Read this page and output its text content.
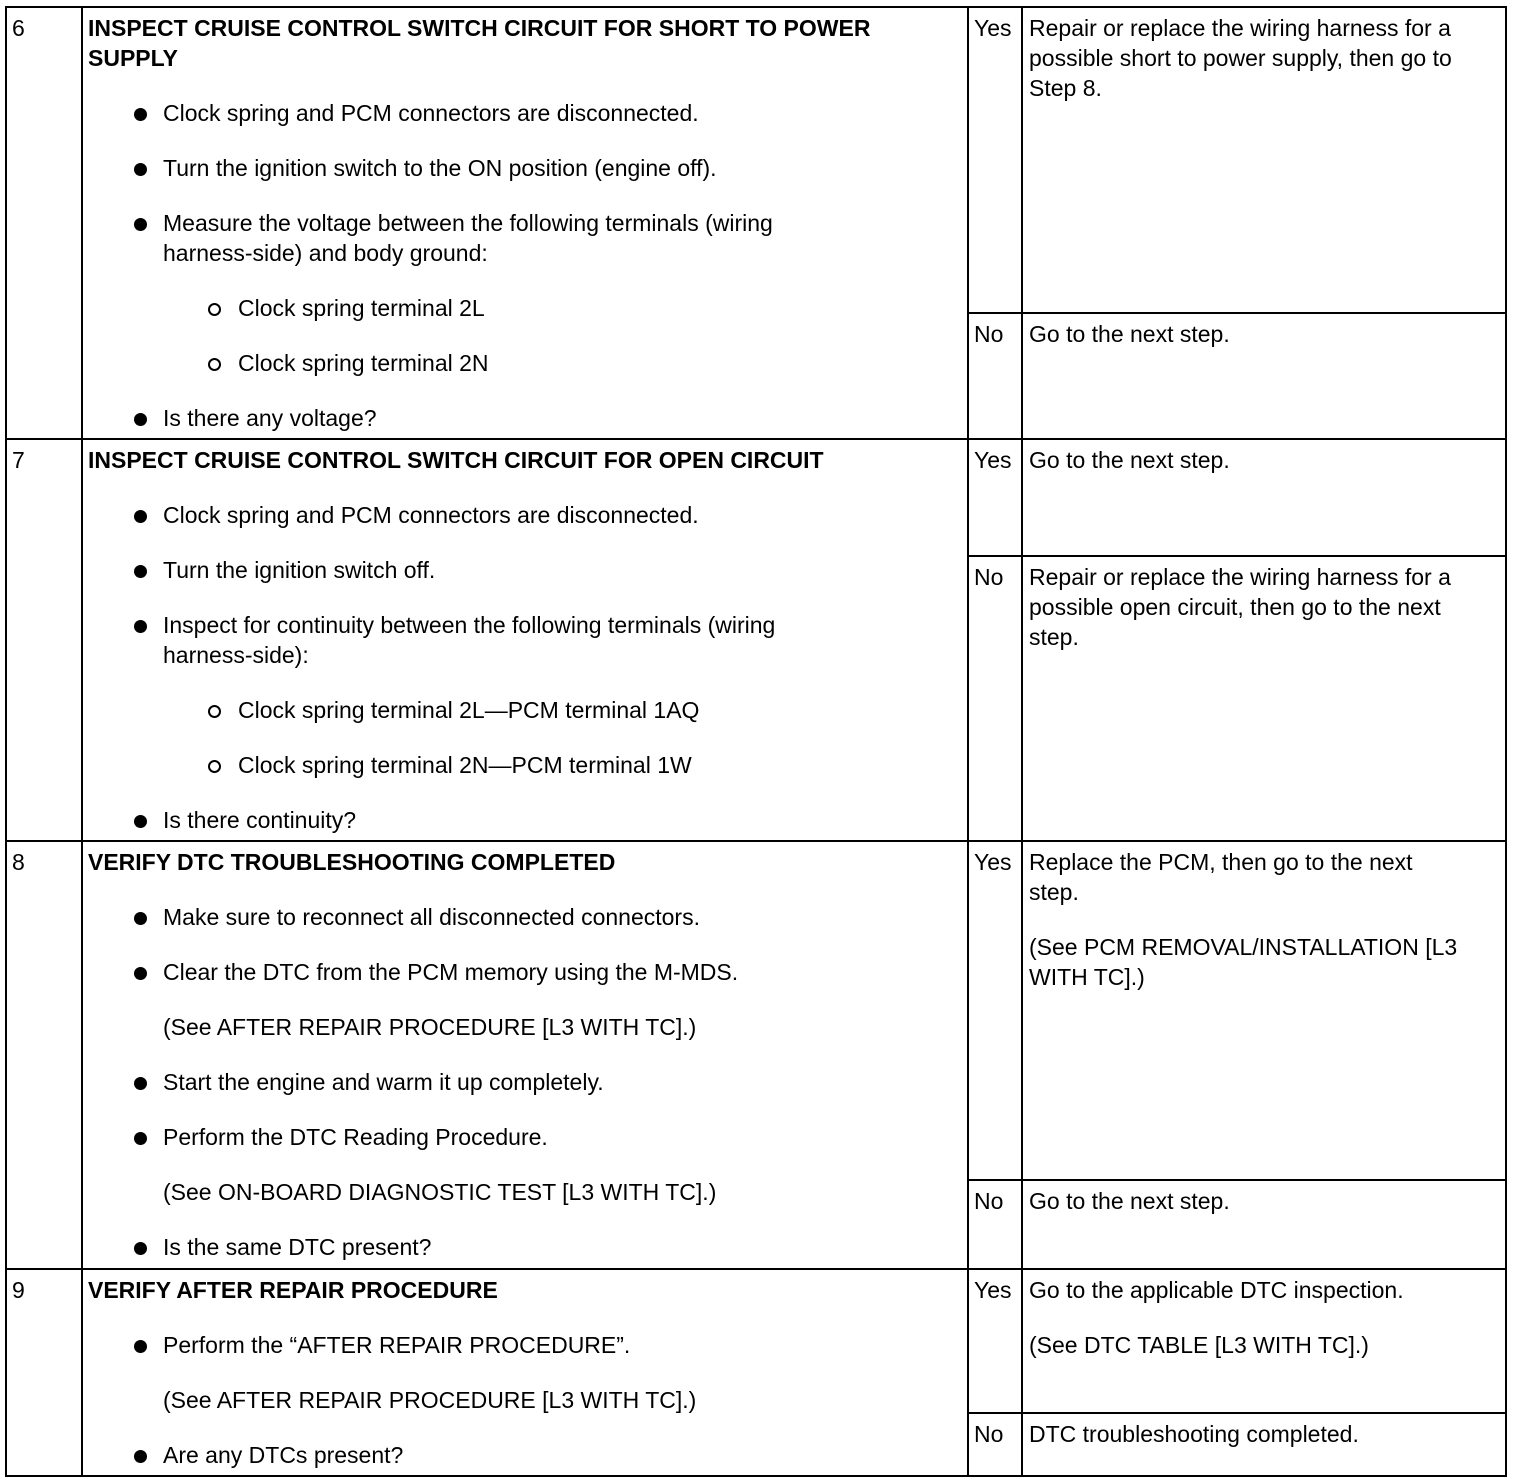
6	INSPECT CRUISE CONTROL SWITCH CIRCUIT FOR SHORT TO POWER
SUPPLY
Clock spring and PCM connectors are disconnected.
Turn the ignition switch to the ON position (engine off).
Measure the voltage between the following terminals (wiring
harness-side) and body ground:
Clock spring terminal 2L
Clock spring terminal 2N
Is there any voltage?
Yes Repair or replace the wiring harness for a
possible short to power supply, then go to
Step 8.
No Go to the next step.
7	INSPECT CRUISE CONTROL SWITCH CIRCUIT FOR OPEN CIRCUIT
Clock spring and PCM connectors are disconnected.
Turn the ignition switch off.
Inspect for continuity between the following terminals (wiring
harness-side):
Clock spring terminal 2L—PCM terminal 1AQ
Clock spring terminal 2N—PCM terminal 1W
Is there continuity?
Yes Go to the next step.
No Repair or replace the wiring harness for a
possible open circuit, then go to the next
step.
8	VERIFY DTC TROUBLESHOOTING COMPLETED
Make sure to reconnect all disconnected connectors.
Clear the DTC from the PCM memory using the M-MDS.
(See AFTER REPAIR PROCEDURE [L3 WITH TC].)
Start the engine and warm it up completely.
Perform the DTC Reading Procedure.
(See ON-BOARD DIAGNOSTIC TEST [L3 WITH TC].)
Is the same DTC present?
Yes Replace the PCM, then go to the next
step.
(See PCM REMOVAL/INSTALLATION [L3
WITH TC].)
No Go to the next step.
9	VERIFY AFTER REPAIR PROCEDURE
Perform the “AFTER REPAIR PROCEDURE”.
(See AFTER REPAIR PROCEDURE [L3 WITH TC].)
Are any DTCs present?
Yes Go to the applicable DTC inspection.
(See DTC TABLE [L3 WITH TC].)
No DTC troubleshooting completed.
